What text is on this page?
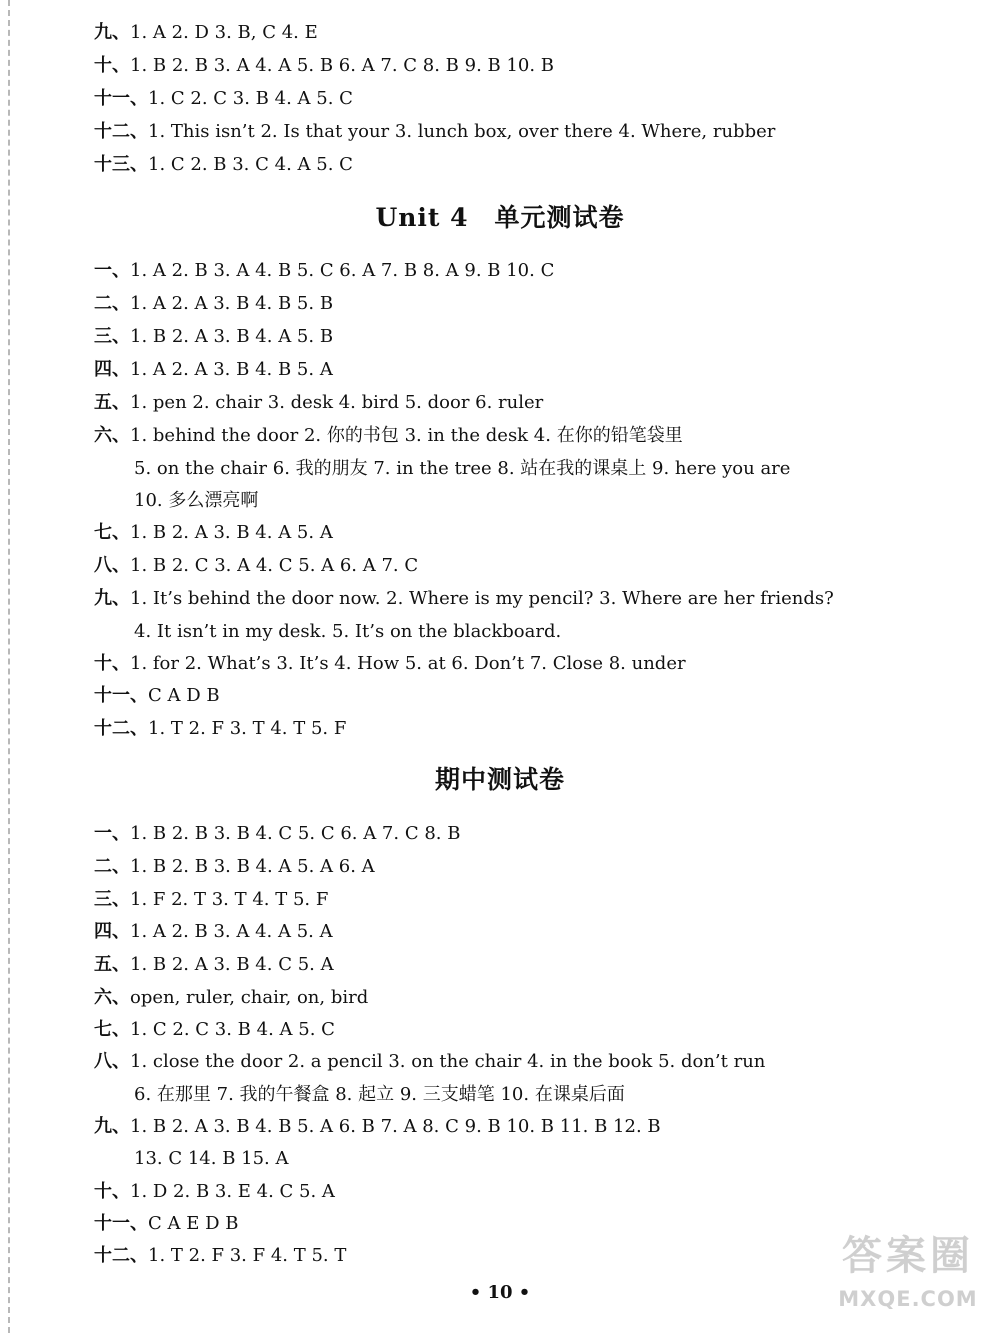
九、1. A 2. D 3. B, C 4. E
十、1. B 2. B 3. A 4. A 5. B 6. A 7. C 8. B 9. B 10. B
十一、1. C 2. C 3. B 4. A 5. C
十二、1. This isn’t 2. Is that your 3. lunch box, over there 4. Where, rubber
十三、1. C 2. B 3. C 4. A 5. C
Unit 4　单元测试卷
一、1. A 2. B 3. A 4. B 5. C 6. A 7. B 8. A 9. B 10. C
二、1. A 2. A 3. B 4. B 5. B
三、1. B 2. A 3. B 4. A 5. B
四、1. A 2. A 3. B 4. B 5. A
五、1. pen 2. chair 3. desk 4. bird 5. door 6. ruler
六、1. behind the door 2. 你的书包 3. in the desk 4. 在你的铅笔袋里
5. on the chair 6. 我的朋友 7. in the tree 8. 站在我的课桌上 9. here you are
10. 多么漂亮啊
七、1. B 2. A 3. B 4. A 5. A
八、1. B 2. C 3. A 4. C 5. A 6. A 7. C
九、1. It’s behind the door now. 2. Where is my pencil? 3. Where are her friends?
4. It isn’t in my desk. 5. It’s on the blackboard.
十、1. for 2. What’s 3. It’s 4. How 5. at 6. Don’t 7. Close 8. under
十一、C A D B
十二、1. T 2. F 3. T 4. T 5. F
期中测试卷
一、1. B 2. B 3. B 4. C 5. C 6. A 7. C 8. B
二、1. B 2. B 3. B 4. A 5. A 6. A
三、1. F 2. T 3. T 4. T 5. F
四、1. A 2. B 3. A 4. A 5. A
五、1. B 2. A 3. B 4. C 5. A
六、open, ruler, chair, on, bird
七、1. C 2. C 3. B 4. A 5. C
八、1. close the door 2. a pencil 3. on the chair 4. in the book 5. don’t run
6. 在那里 7. 我的午餐盒 8. 起立 9. 三支蜡笔 10. 在课桌后面
九、1. B 2. A 3. B 4. B 5. A 6. B 7. A 8. C 9. B 10. B 11. B 12. B
13. C 14. B 15. A
十、1. D 2. B 3. E 4. C 5. A
十一、C A E D B
十二、1. T 2. F 3. F 4. T 5. T
• 10 •
答案圈
MXQE.COM
